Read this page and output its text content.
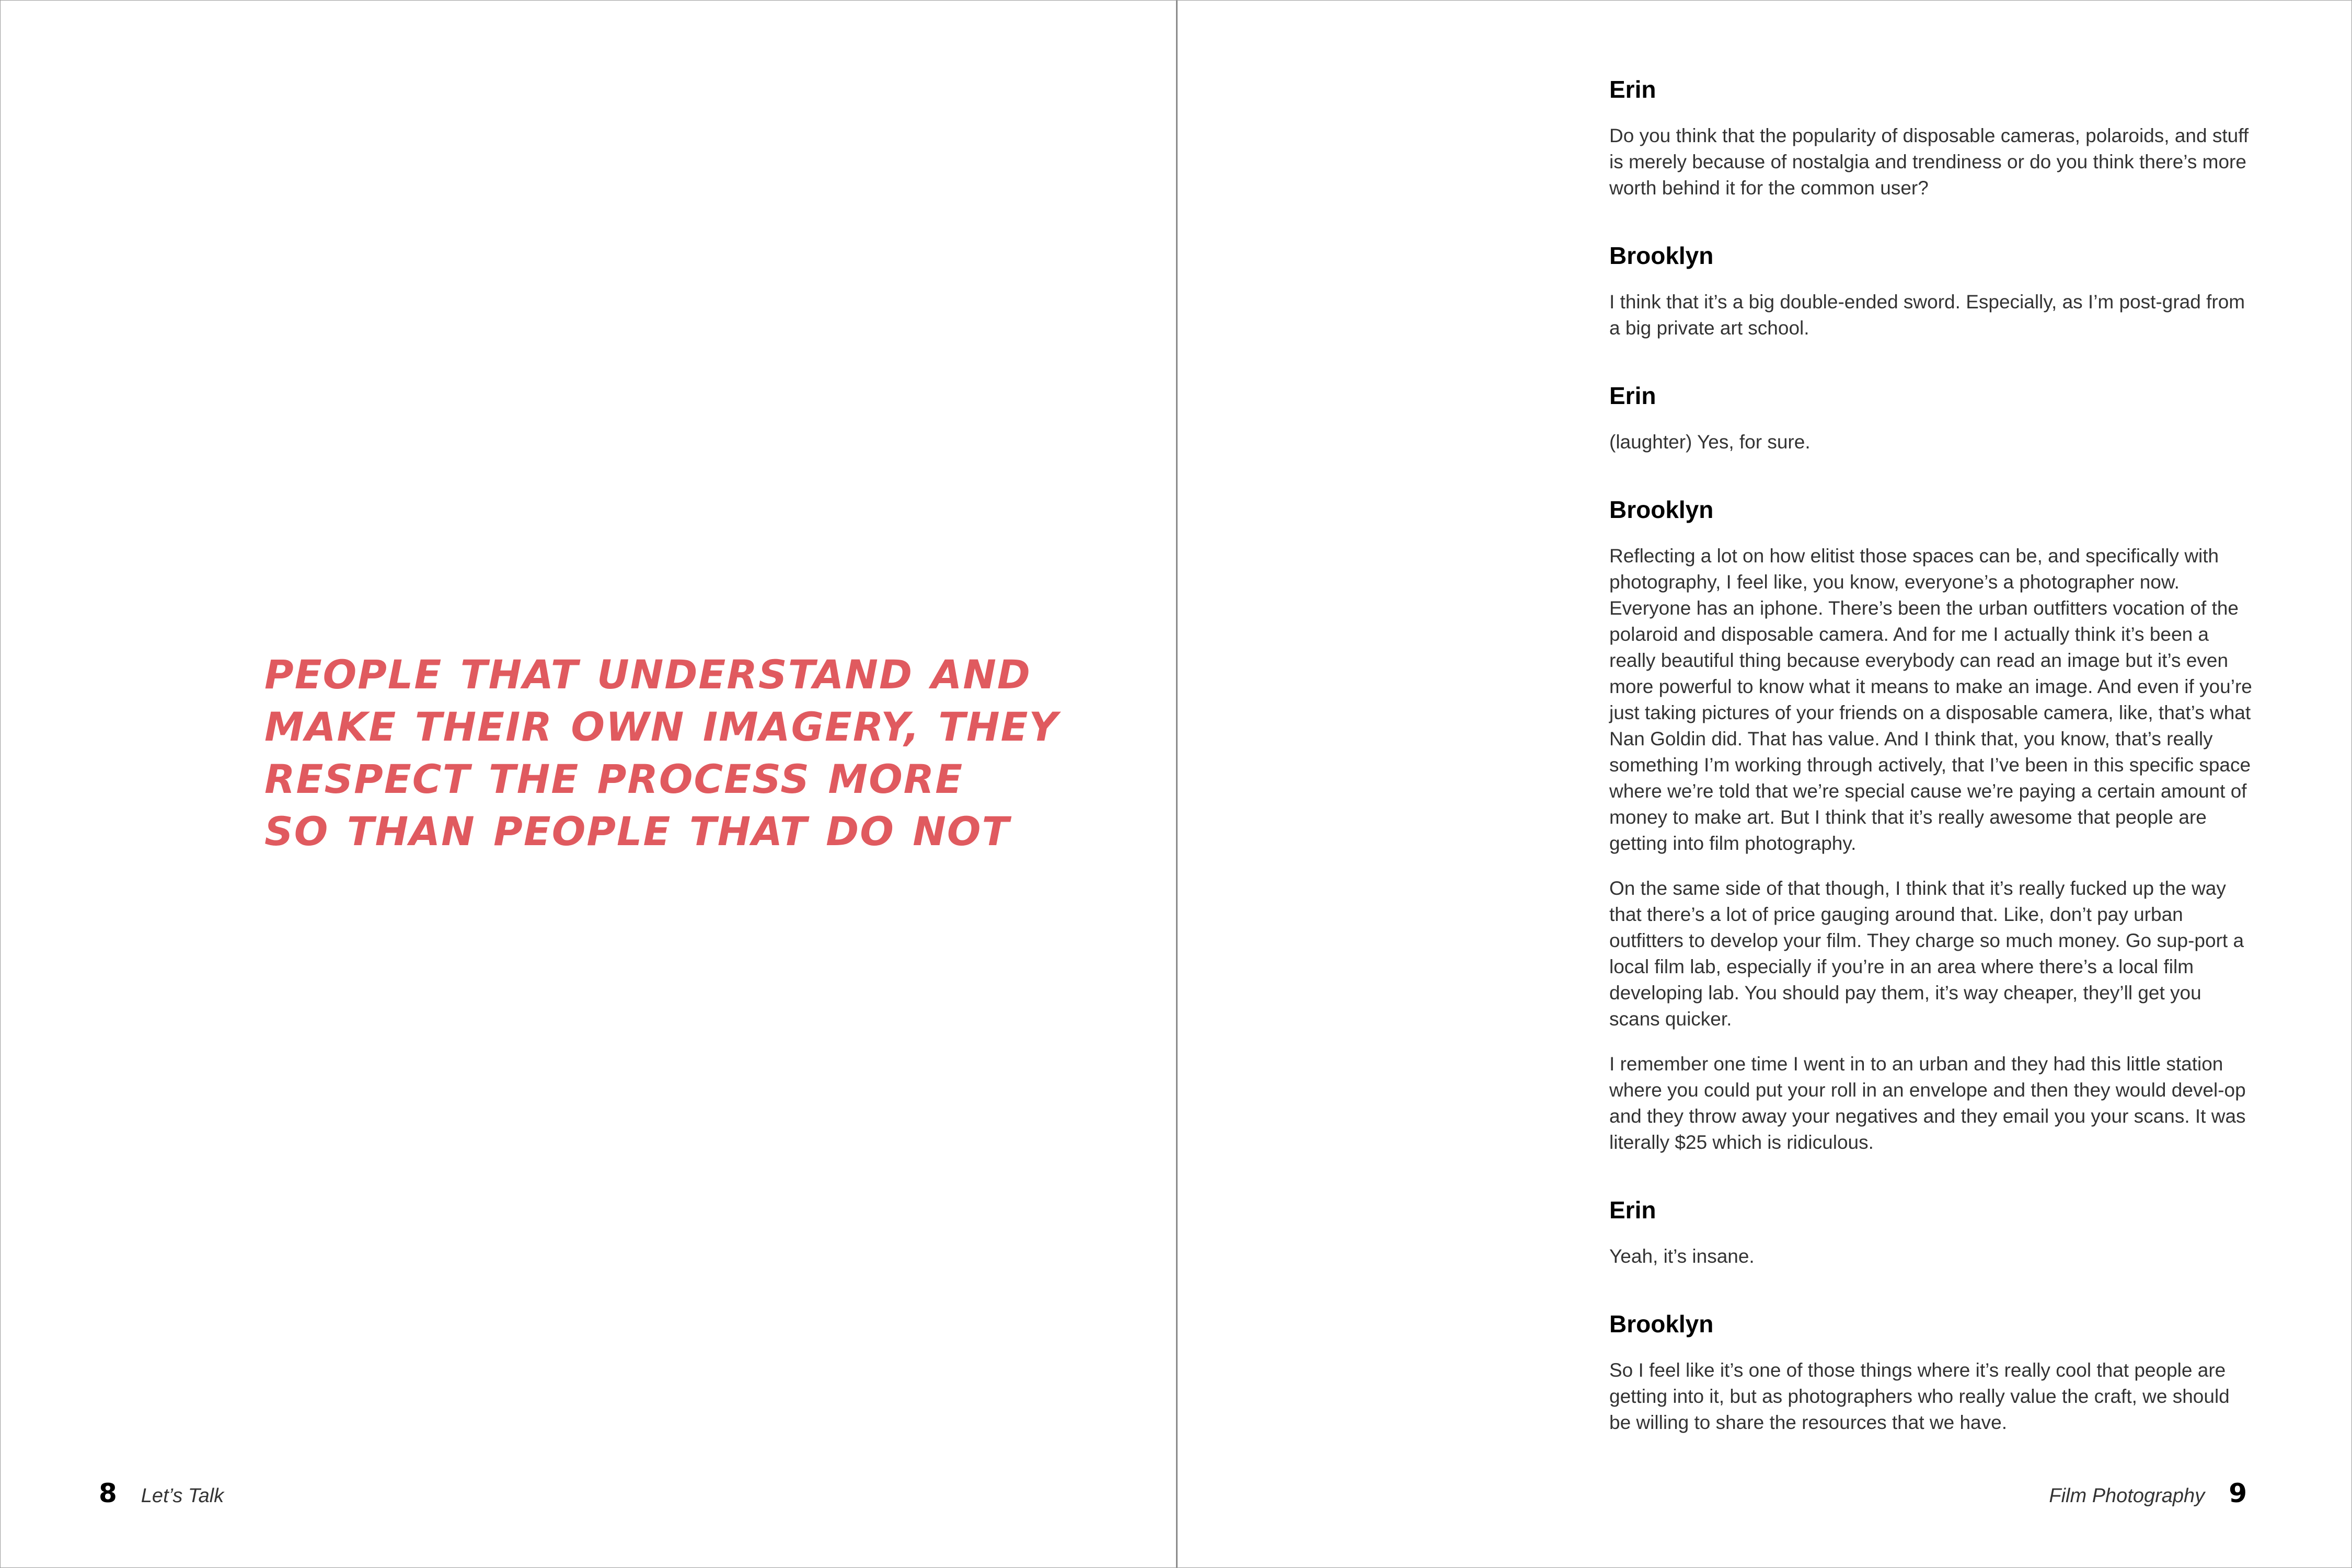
PEOPLE THAT UNDERSTAND AND
MAKE THEIR OWN IMAGERY, THEY
RESPECT THE PROCESS MORE
SO THAN PEOPLE THAT DO NOT
8 Let’s Talk
Erin

Do you think that the popularity of disposable cameras, polaroids, and stuff is merely because of nostalgia and trendiness or do you think there’s more worth behind it for the common user?

Brooklyn

I think that it’s a big double-ended sword. Especially, as I’m post-grad from a big private art school.

Erin

(laughter) Yes, for sure.

Brooklyn

Reflecting a lot on how elitist those spaces can be, and specifically with photography, I feel like, you know, everyone’s a photographer now. Everyone has an iphone. There’s been the urban outfitters vocation of the polaroid and disposable camera. And for me I actually think it’s been a really beautiful thing because everybody can read an image but it’s even more powerful to know what it means to make an image. And even if you’re just taking pictures of your friends on a disposable camera, like, that’s what Nan Goldin did. That has value. And I think that, you know, that’s really something I’m working through actively, that I’ve been in this specific space where we’re told that we’re special cause we’re paying a certain amount of money to make art. But I think that it’s really awesome that people are getting into film photography.

On the same side of that though, I think that it’s really fucked up the way that there’s a lot of price gauging around that. Like, don’t pay urban outfitters to develop your film. They charge so much money. Go sup-port a local film lab, especially if you’re in an area where there’s a local film developing lab. You should pay them, it’s way cheaper, they’ll get you scans quicker.

I remember one time I went in to an urban and they had this little station where you could put your roll in an envelope and then they would devel-op and they throw away your negatives and they email you your scans. It was literally $25 which is ridiculous.

Erin

Yeah, it’s insane.

Brooklyn

So I feel like it’s one of those things where it’s really cool that people are getting into it, but as photographers who really value the craft, we should be willing to share the resources that we have.

Film Photography 9
